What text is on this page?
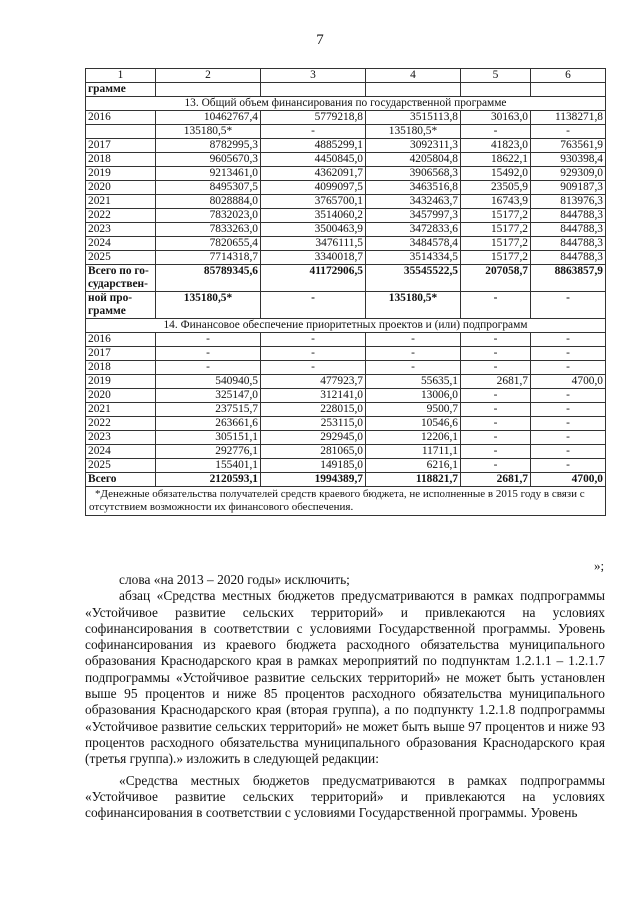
7
1	2	3	4	5	6
грамме					
13. Общий объем финансирования по государственной программе					
2016	10462767,4	5779218,8	3515113,8	30163,0	1138271,8
	135180,5*	-	135180,5*	-	-
2017	8782995,3	4885299,1	3092311,3	41823,0	763561,9
2018	9605670,3	4450845,0	4205804,8	18622,1	930398,4
2019	9213461,0	4362091,7	3906568,3	15492,0	929309,0
2020	8495307,5	4099097,5	3463516,8	23505,9	909187,3
2021	8028884,0	3765700,1	3432463,7	16743,9	813976,3
2022	7832023,0	3514060,2	3457997,3	15177,2	844788,3
2023	7833263,0	3500463,9	3472833,6	15177,2	844788,3
2024	7820655,4	3476111,5	3484578,4	15177,2	844788,3
2025	7714318,7	3340018,7	3514334,5	15177,2	844788,3
Всего по го-
сударствен-	85789345,6	41172906,5	35545522,5	207058,7	8863857,9
ной про-
грамме	135180,5*	-	135180,5*	-	-
14. Финансовое обеспечение приоритетных проектов и (или) подпрограмм					
2016	-	-	-	-	-
2017	-	-	-	-	-
2018	-	-	-	-	-
2019	540940,5	477923,7	55635,1	2681,7	4700,0
2020	325147,0	312141,0	13006,0	-	-
2021	237515,7	228015,0	9500,7	-	-
2022	263661,6	253115,0	10546,6	-	-
2023	305151,1	292945,0	12206,1	-	-
2024	292776,1	281065,0	11711,1	-	-
2025	155401,1	149185,0	6216,1	-	-
Всего	2120593,1	1994389,7	118821,7	2681,7	4700,0
*Денежные обязательства получателей средств краевого бюджета, не исполненные в 2015 году в связи с отсутствием возможности их финансового обеспечения.					
»;

слова «на 2013 – 2020 годы» исключить;

абзац «Средства местных бюджетов предусматриваются в рамках подпрограммы «Устойчивое развитие сельских территорий» и привлекаются на условиях софинансирования в соответствии с условиями Государственной программы. Уровень софинансирования из краевого бюджета расходного обязательства муниципального образования Краснодарского края в рамках мероприятий по подпунктам 1.2.1.1 – 1.2.1.7 подпрограммы «Устойчивое развитие сельских территорий» не может быть установлен выше 95 процентов и ниже 85 процентов расходного обязательства муниципального образования Краснодарского края (вторая группа), а по подпункту 1.2.1.8 подпрограммы «Устойчивое развитие сельских территорий» не может быть выше 97 процентов и ниже 93 процентов расходного обязательства муниципального образования Краснодарского края (третья группа).» изложить в следующей редакции:

«Средства местных бюджетов предусматриваются в рамках подпрограммы «Устойчивое развитие сельских территорий» и привлекаются на условиях софинансирования в соответствии с условиями Государственной программы. Уровень
